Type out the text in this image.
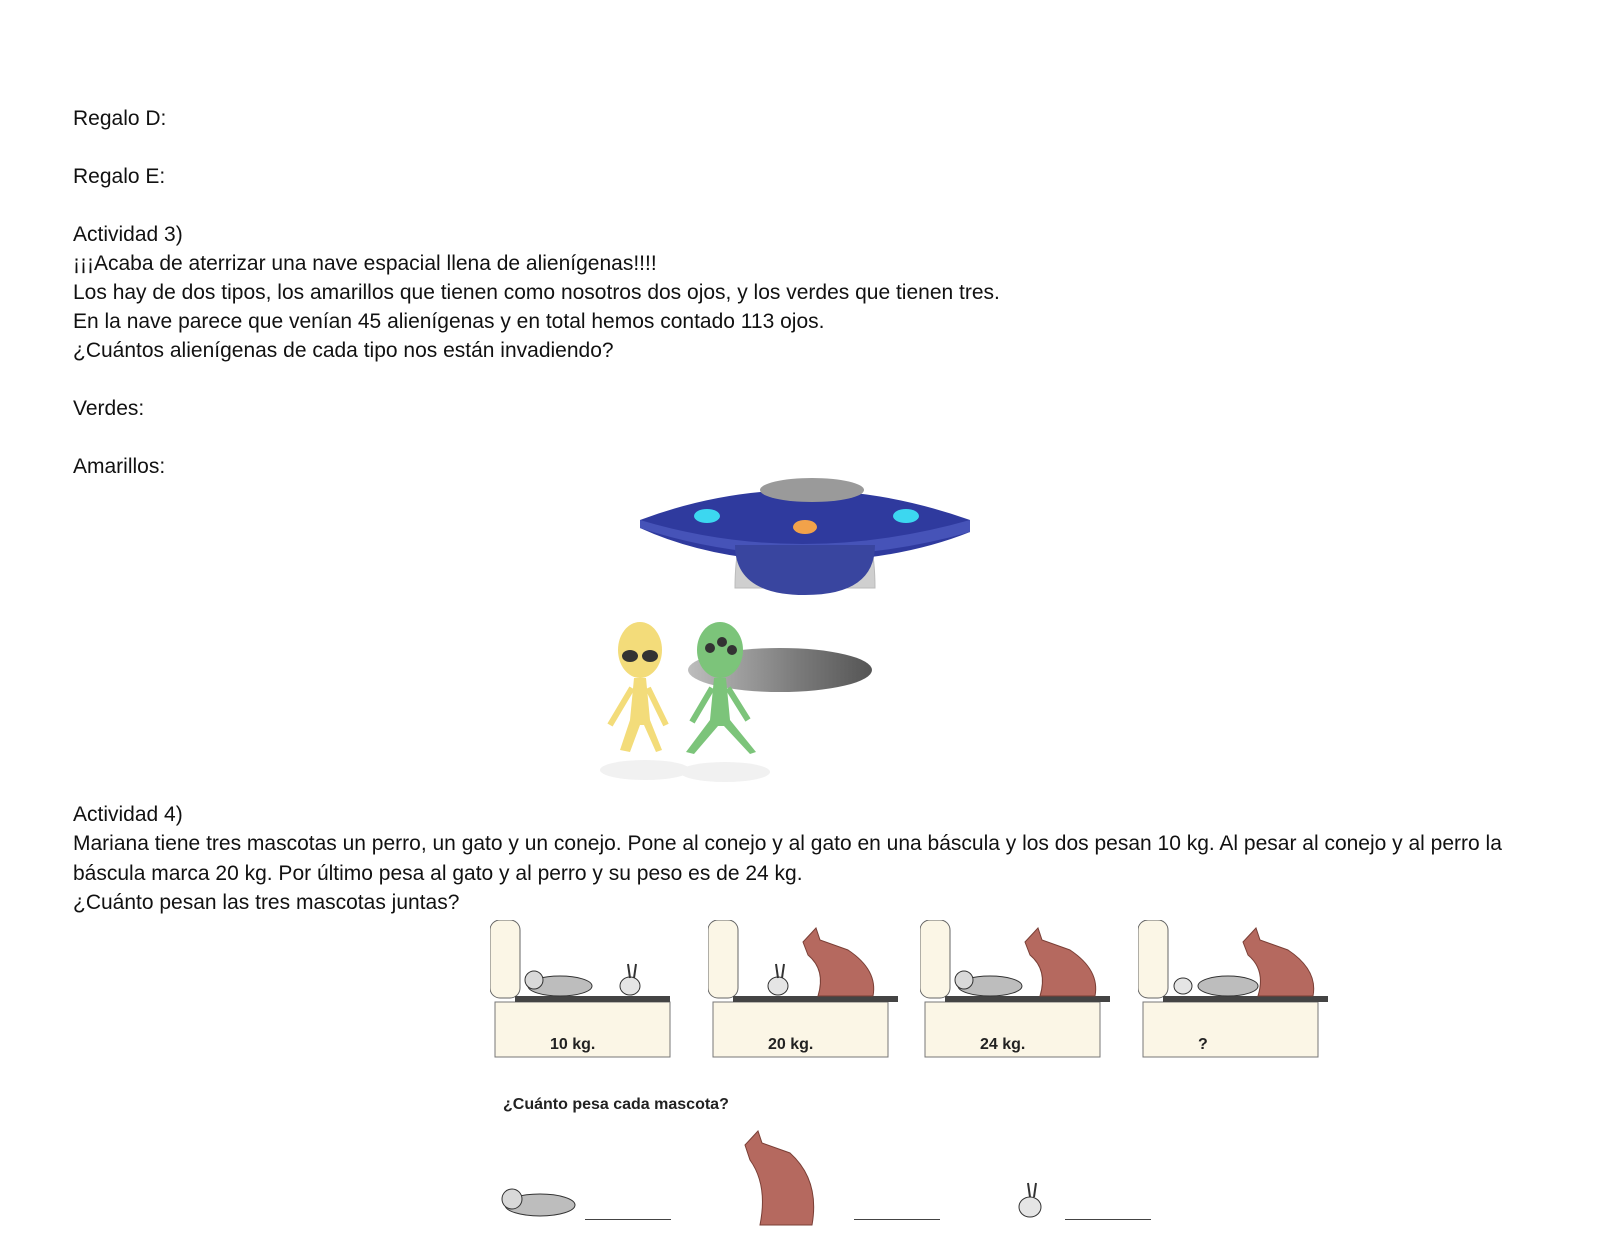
Regalo D:
Regalo E:
Actividad 3)
¡¡¡Acaba de aterrizar una nave espacial llena de alienígenas!!!!
Los hay de dos tipos, los amarillos que tienen como nosotros dos ojos, y los verdes que tienen tres.
En la nave parece que venían 45 alienígenas y en total hemos contado 113 ojos.
¿Cuántos alienígenas de cada tipo nos están invadiendo?
Verdes:
Amarillos:
Actividad 4)
Mariana tiene tres mascotas un perro, un gato y un conejo. Pone al conejo y al gato en una báscula y los dos pesan 10 kg. Al pesar al conejo y al perro la báscula marca 20 kg. Por último pesa al gato y al perro y su peso es de 24 kg.
¿Cuánto pesan las tres mascotas juntas?
10 kg.	20 kg.	24 kg.	?
¿Cuánto pesa cada mascota?
